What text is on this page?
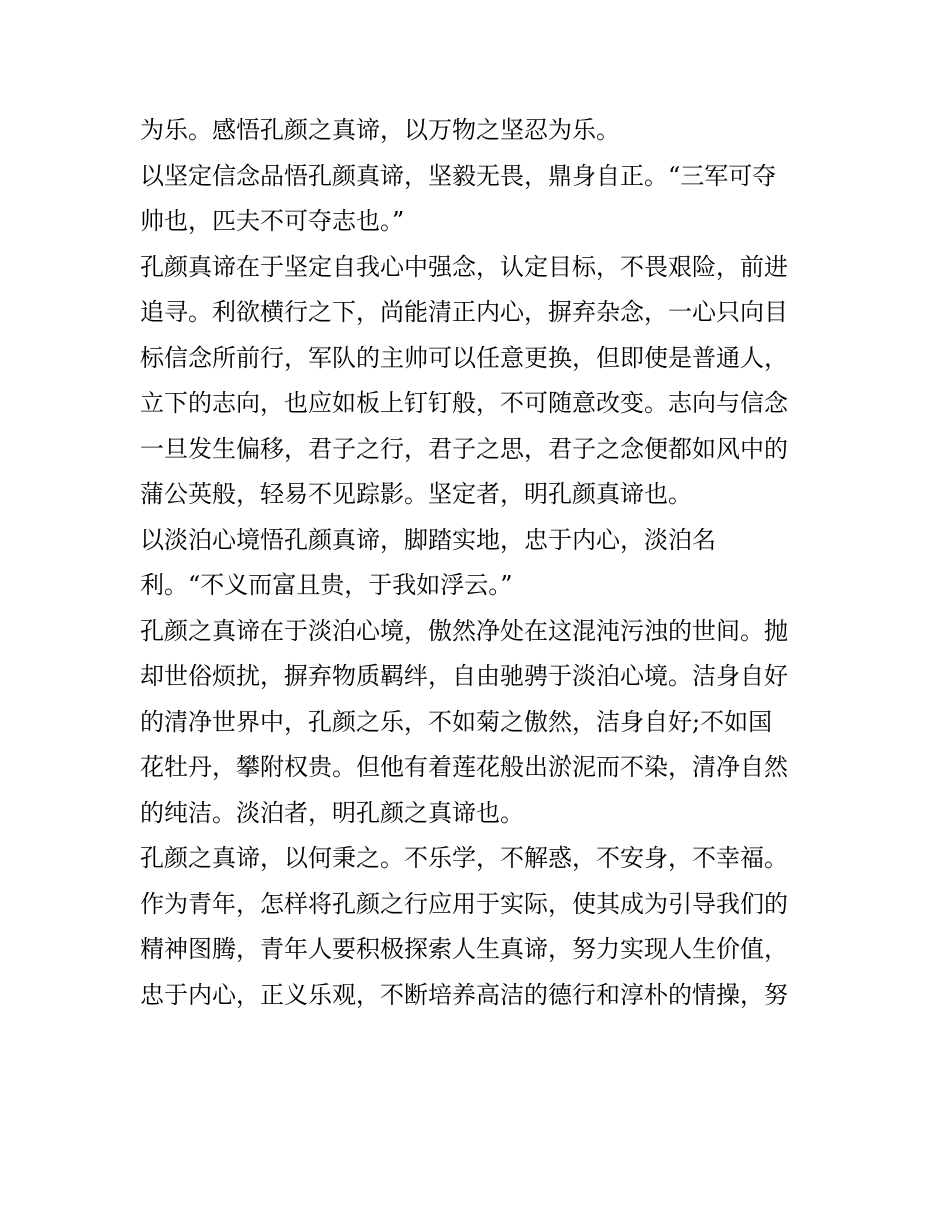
为乐。感悟孔颜之真谛，以万物之坚忍为乐。
以坚定信念品悟孔颜真谛，坚毅无畏，鼎身自正。“三军可夺
帅也，匹夫不可夺志也。”
孔颜真谛在于坚定自我心中强念，认定目标，不畏艰险，前进
追寻。利欲横行之下，尚能清正内心，摒弃杂念，一心只向目
标信念所前行，军队的主帅可以任意更换，但即使是普通人，
立下的志向，也应如板上钉钉般，不可随意改变。志向与信念
一旦发生偏移，君子之行，君子之思，君子之念便都如风中的
蒲公英般，轻易不见踪影。坚定者，明孔颜真谛也。
以淡泊心境悟孔颜真谛，脚踏实地，忠于内心，淡泊名
利。“不义而富且贵，于我如浮云。”
孔颜之真谛在于淡泊心境，傲然净处在这混沌污浊的世间。抛
却世俗烦扰，摒弃物质羁绊，自由驰骋于淡泊心境。洁身自好
的清净世界中，孔颜之乐，不如菊之傲然，洁身自好;不如国
花牡丹，攀附权贵。但他有着莲花般出淤泥而不染，清净自然
的纯洁。淡泊者，明孔颜之真谛也。
孔颜之真谛，以何秉之。不乐学，不解惑，不安身，不幸福。
作为青年，怎样将孔颜之行应用于实际，使其成为引导我们的
精神图腾，青年人要积极探索人生真谛，努力实现人生价值，
忠于内心，正义乐观，不断培养高洁的德行和淳朴的情操，努
